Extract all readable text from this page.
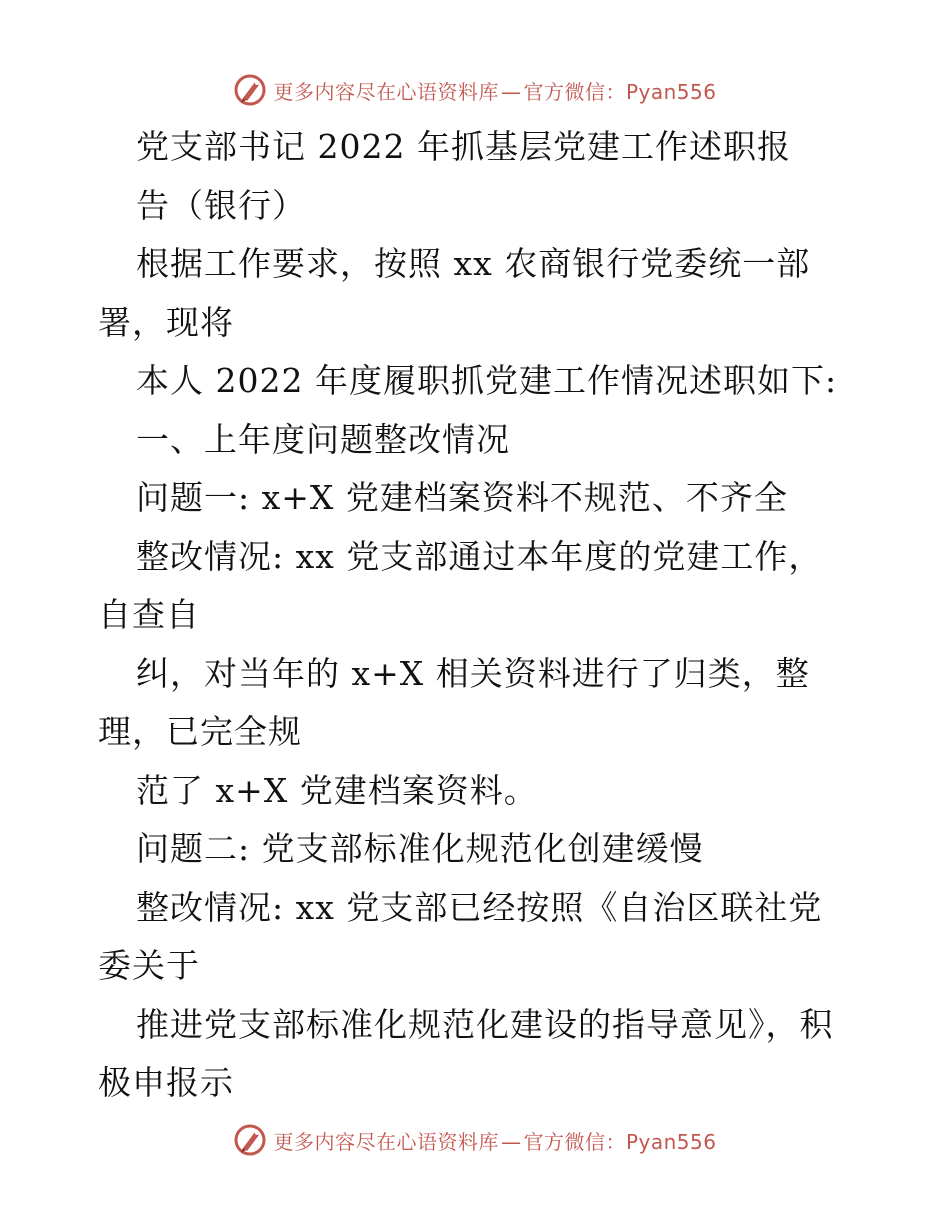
更多内容尽在心语资料库 — 官方微信：Pyan556
党支部书记 2022 年抓基层党建工作述职报
告（银行）
根据工作要求，按照 xx 农商银行党委统一部
署，现将
本人 2022 年度履职抓党建工作情况述职如下:
一、上年度问题整改情况
问题一: x+X 党建档案资料不规范、不齐全
整改情况: xx 党支部通过本年度的党建工作，
自查自
纠，对当年的 x+X 相关资料进行了归类，整
理，已完全规
范了 x+X 党建档案资料。
问题二: 党支部标准化规范化创建缓慢
整改情况: xx 党支部已经按照《自治区联社党
委关于
推进党支部标准化规范化建设的指导意见》，积
极申报示
更多内容尽在心语资料库 — 官方微信：Pyan556
